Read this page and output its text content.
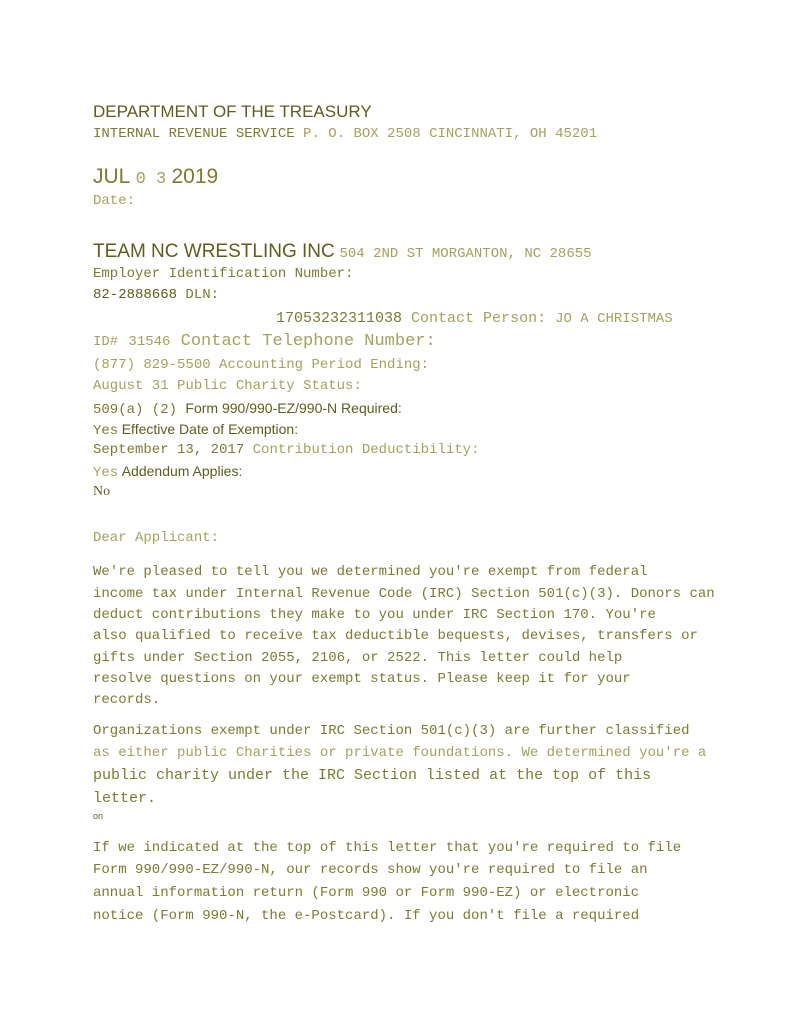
DEPARTMENT OF THE TREASURY
INTERNAL REVENUE SERVICE P. O. BOX 2508 CINCINNATI, OH 45201
JUL 0 3 2019
Date:
TEAM NC WRESTLING INC 504 2ND ST MORGANTON, NC 28655
Employer Identification Number:
82-2888668 DLN:
17053232311038 Contact Person: JO A CHRISTMAS
ID# 31546 Contact Telephone Number:
(877) 829-5500 Accounting Period Ending:
August 31 Public Charity Status:
509(a) (2) Form 990/990-EZ/990-N Required:
Yes Effective Date of Exemption:
September 13, 2017 Contribution Deductibility:
Yes Addendum Applies:
No
Dear Applicant:
We're pleased to tell you we determined you're exempt from federal
income tax under Internal Revenue Code (IRC) Section 501(c)(3). Donors can
deduct contributions they make to you under IRC Section 170. You're
also qualified to receive tax deductible bequests, devises, transfers or
gifts under Section 2055, 2106, or 2522. This letter could help
resolve questions on your exempt status. Please keep it for your
records.
Organizations exempt under IRC Section 501(c)(3) are further classified
as either public Charities or private foundations. We determined you're a
public charity under the IRC Section listed at the top of this
letter.
on
If we indicated at the top of this letter that you're required to file
Form 990/990-EZ/990-N, our records show you're required to file an
annual information return (Form 990 or Form 990-EZ) or electronic
notice (Form 990-N, the e-Postcard). If you don't file a required
